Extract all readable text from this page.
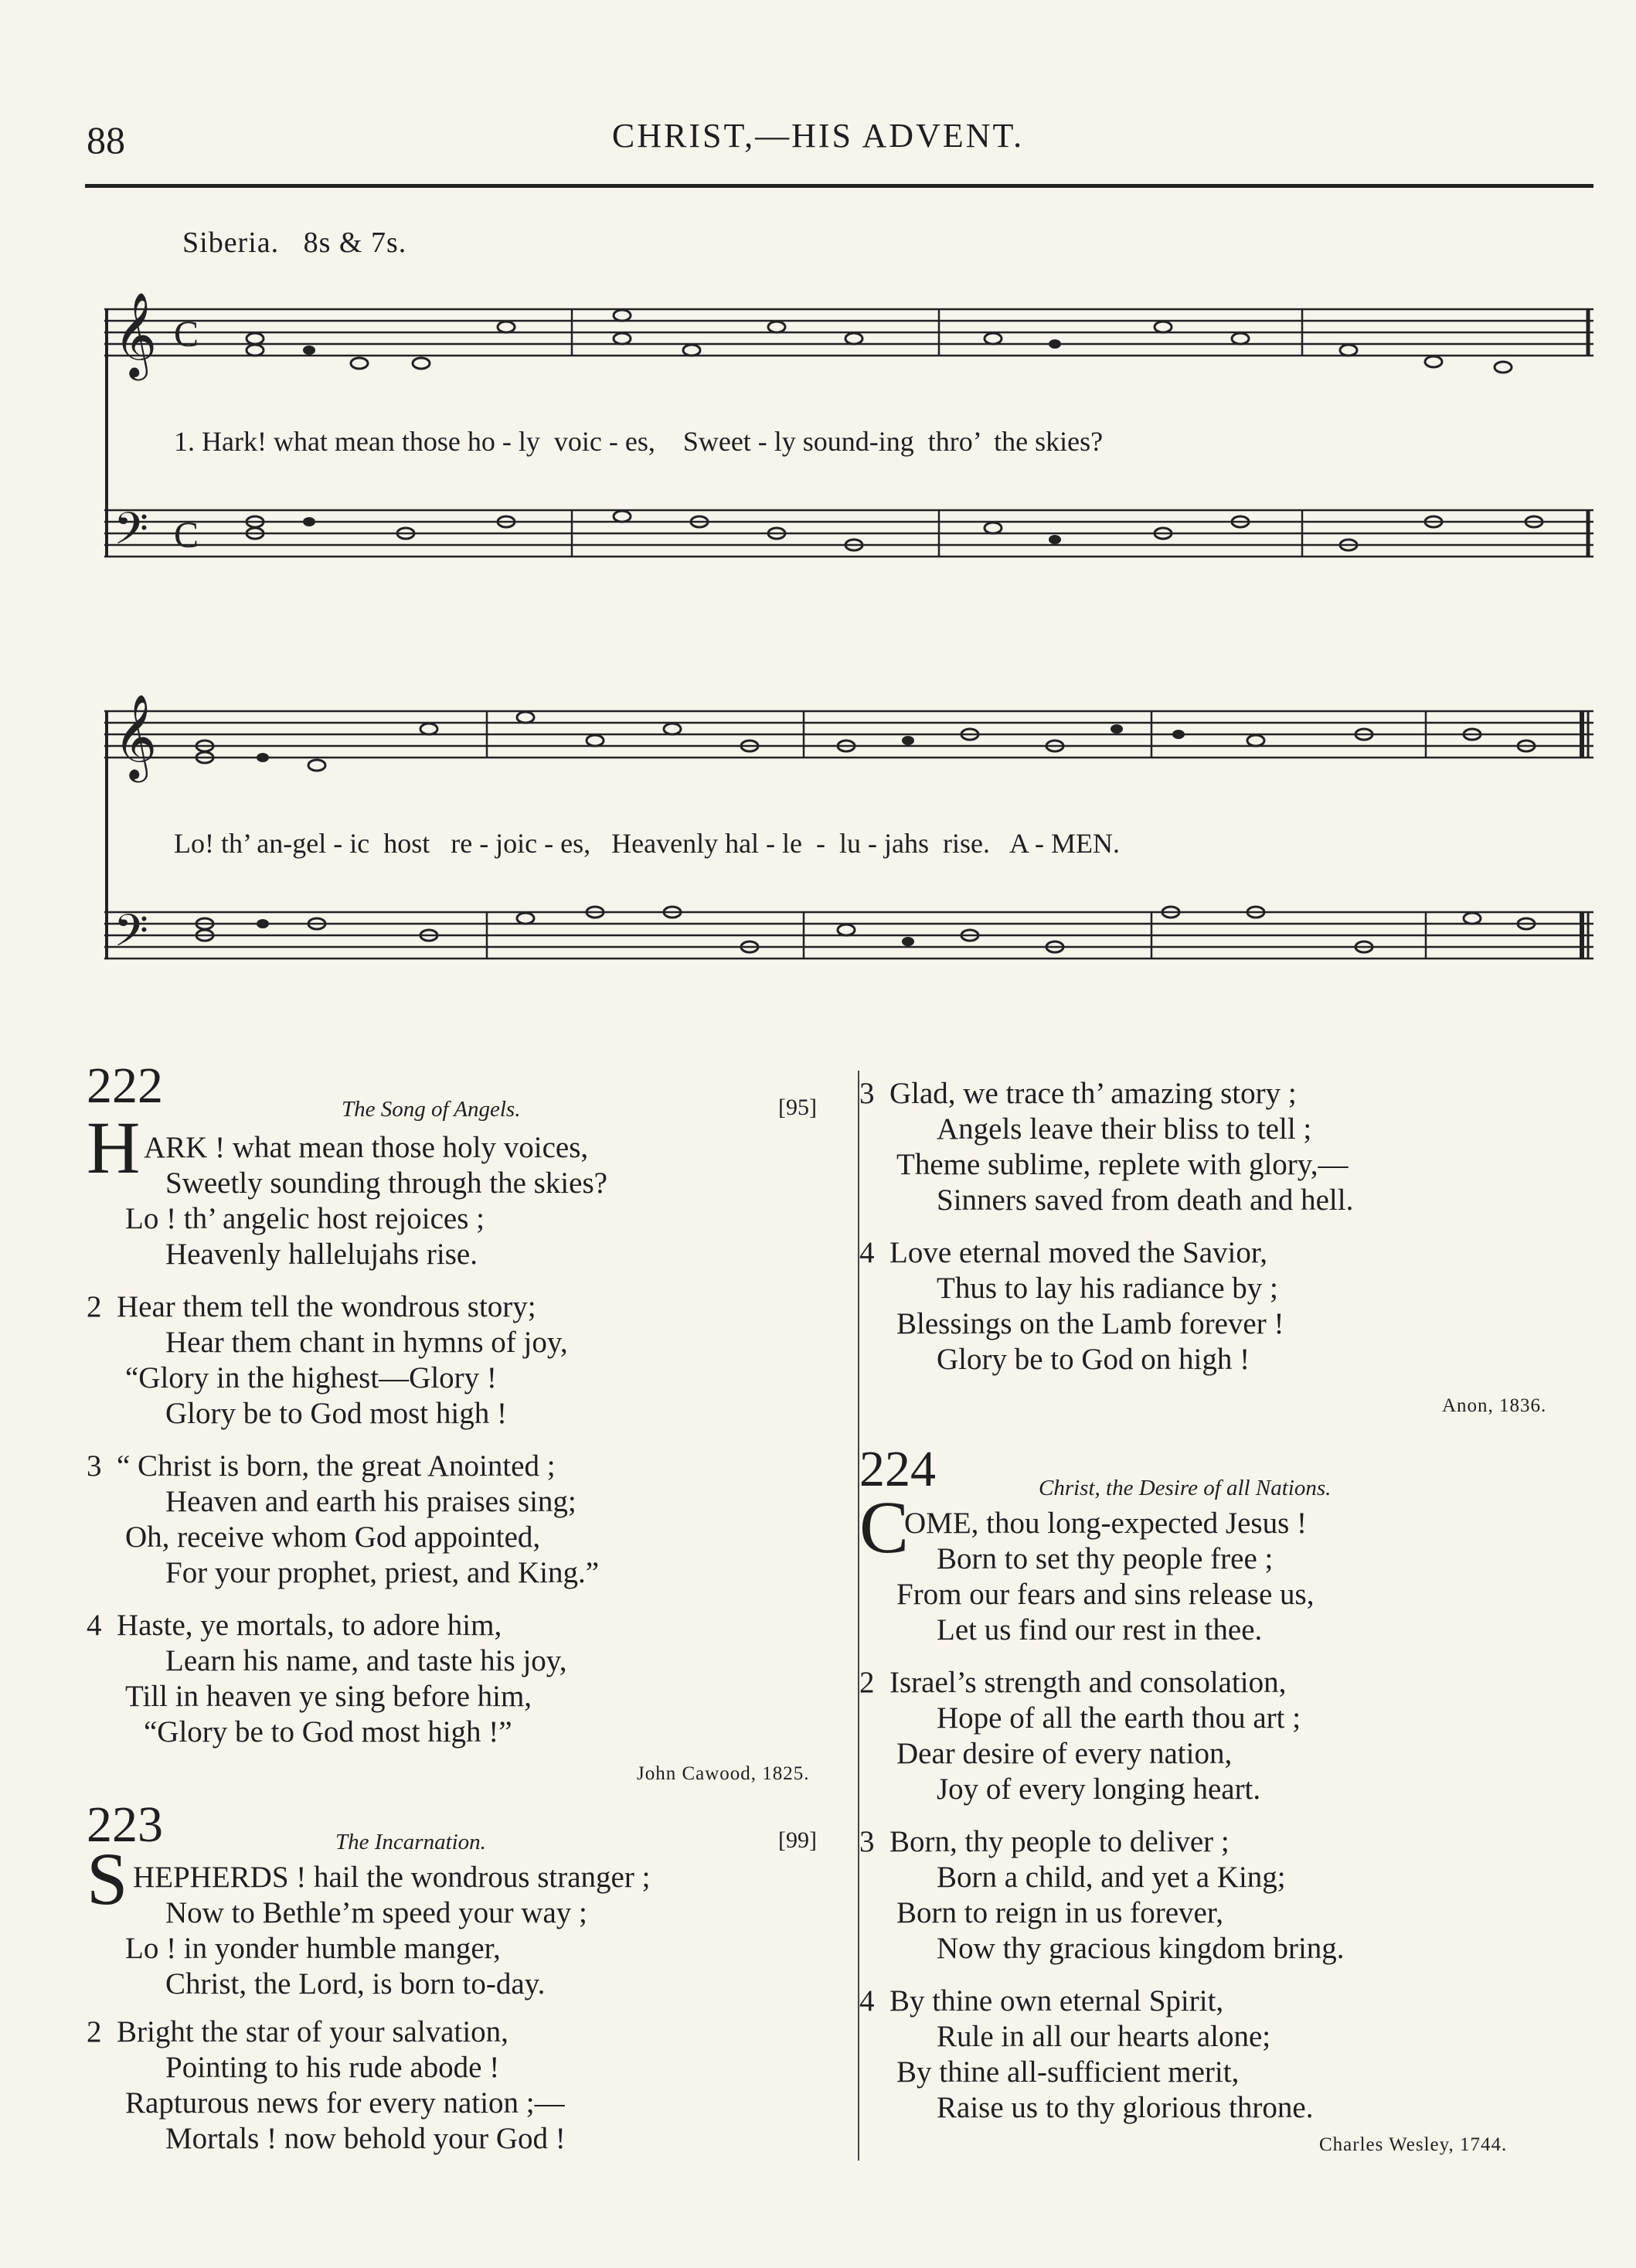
88	CHRIST,—HIS ADVENT.
Siberia. 8s & 7s.
𝄞
𝄢
C
C
1. Hark! what mean those ho - ly  voic - es,    Sweet - ly sound-ing  thro’  the skies?
𝄞
𝄢
Lo! th’ an-gel - ic  host   re - joic - es,   Heavenly hal - le  -  lu - jahs  rise.   A - MEN.
222	The Song of Angels.	[95]
H ARK ! what mean those holy voices,
Sweetly sounding through the skies?
Lo ! th’ angelic host rejoices ;
Heavenly hallelujahs rise.
2  Hear them tell the wondrous story;
Hear them chant in hymns of joy,
“Glory in the highest—Glory !
Glory be to God most high !
3  “ Christ is born, the great Anointed ;
Heaven and earth his praises sing;
Oh, receive whom God appointed,
For your prophet, priest, and King.”
4  Haste, ye mortals, to adore him,
Learn his name, and taste his joy,
Till in heaven ye sing before him,
“Glory be to God most high !”
John Cawood, 1825.
223	The Incarnation.	[99]
S HEPHERDS ! hail the wondrous stranger ;
Now to Bethle’m speed your way ;
Lo ! in yonder humble manger,
Christ, the Lord, is born to-day.
2  Bright the star of your salvation,
Pointing to his rude abode !
Rapturous news for every nation ;—
Mortals ! now behold your God !
3  Glad, we trace th’ amazing story ;
Angels leave their bliss to tell ;
Theme sublime, replete with glory,—
Sinners saved from death and hell.
4  Love eternal moved the Savior,
Thus to lay his radiance by ;
Blessings on the Lamb forever !
Glory be to God on high !
Anon, 1836.
224	Christ, the Desire of all Nations.
C
OME, thou long-expected Jesus !
Born to set thy people free ;
From our fears and sins release us,
Let us find our rest in thee.
2  Israel’s strength and consolation,
Hope of all the earth thou art ;
Dear desire of every nation,
Joy of every longing heart.
3  Born, thy people to deliver ;
Born a child, and yet a King;
Born to reign in us forever,
Now thy gracious kingdom bring.
4  By thine own eternal Spirit,
Rule in all our hearts alone;
By thine all-sufficient merit,
Raise us to thy glorious throne.
Charles Wesley, 1744.
